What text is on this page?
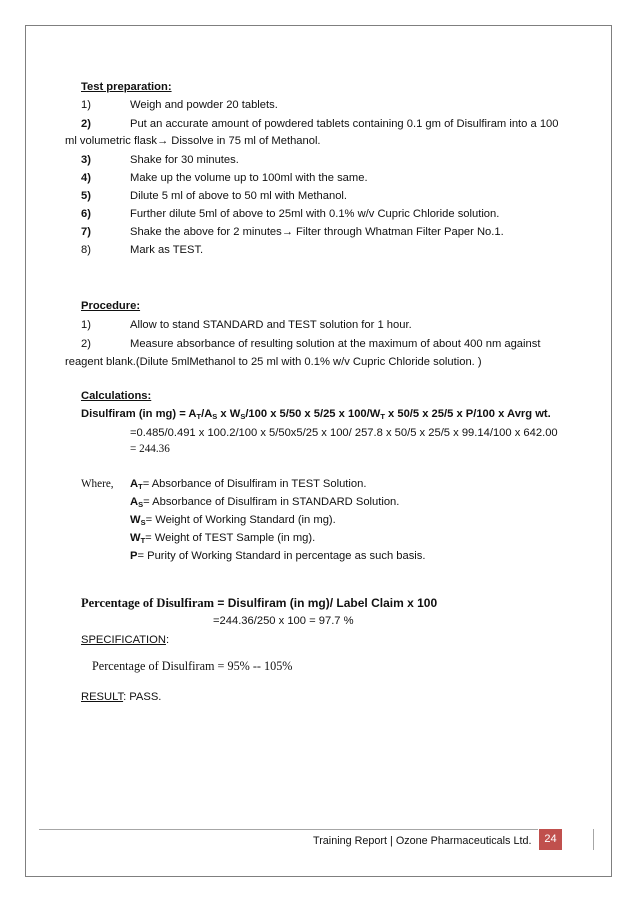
Test preparation:
1)	Weigh and powder 20 tablets.
2)	Put an accurate amount of powdered tablets containing 0.1 gm of Disulfiram into a 100
ml volumetric flask→ Dissolve in 75 ml of Methanol.
3)	Shake for 30 minutes.
4)	Make up the volume up to 100ml with the same.
5)	Dilute 5 ml of above to 50 ml with Methanol.
6)	Further dilute 5ml of above to 25ml with 0.1% w/v Cupric Chloride solution.
7)	Shake the above for 2 minutes→ Filter through Whatman Filter Paper No.1.
8)	Mark as TEST.
Procedure:
1)	Allow to stand STANDARD and TEST solution for 1 hour.
2)	Measure absorbance of resulting solution at the maximum of about 400 nm against
reagent blank.(Dilute 5mlMethanol to 25 ml with 0.1% w/v Cupric Chloride solution. )
Calculations:
Disulfiram (in $mg) = A_T/A_S$ x $W_S/100$ x 5/50 x 5/25 x $100/W_T$ x 50/5 x 25/5 x P/100 x Avrg wt.
=0.485/0.491 x 100.2/100 x 5/50x5/25 x 100/ 257.8 x 50/5 x 25/5 x 99.14/100 x 642.00
= 244.36
Where, $A_T=$ Absorbance of Disulfiram in TEST Solution.
$A_S=$ Absorbance of Disulfiram in STANDARD Solution.
$W_S=$ Weight of Working Standard (in mg).
$W_T=$ Weight of TEST Sample (in mg).
P= Purity of Working Standard in percentage as such basis.
Percentage of Disulfiram = Disulfiram (in mg)/ Label Claim x 100
=244.36/250 x 100 = 97.7 %
SPECIFICATION:
Percentage of Disulfiram = 95% -- 105%
RESULT: PASS.
Training Report | Ozone Pharmaceuticals Ltd.	24
